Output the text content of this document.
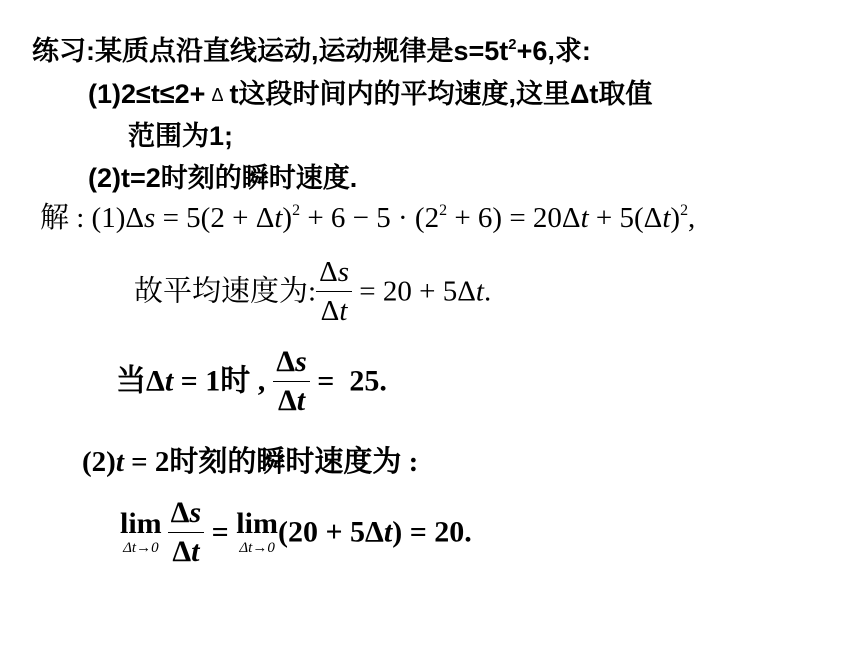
练习:某质点沿直线运动,运动规律是$s=5t^2+6$,求:
(1)2≤t≤2+ Δ t这段时间内的平均速度,这里Δt取值
范围为1;
(2)t=2时刻的瞬时速度.
解 : $(1)\Delta s = 5(2 + \Delta t)^2 + 6 - 5 \cdot (2^2 + 6) = 20\Delta t + 5(\Delta t)^2$,
故平均速度为: $\frac{\Delta s}{\Delta t} = 20 + 5\Delta t$.
当Δt = 1时 , $\frac{\Delta s}{\Delta t} = 25$.
(2)t = 2时刻的瞬时速度为 :
lim
$\Delta t\to 0 \frac{\Delta s}{\Delta t} = \lim$
Δt→0 (20 + 5Δt) = 20.
